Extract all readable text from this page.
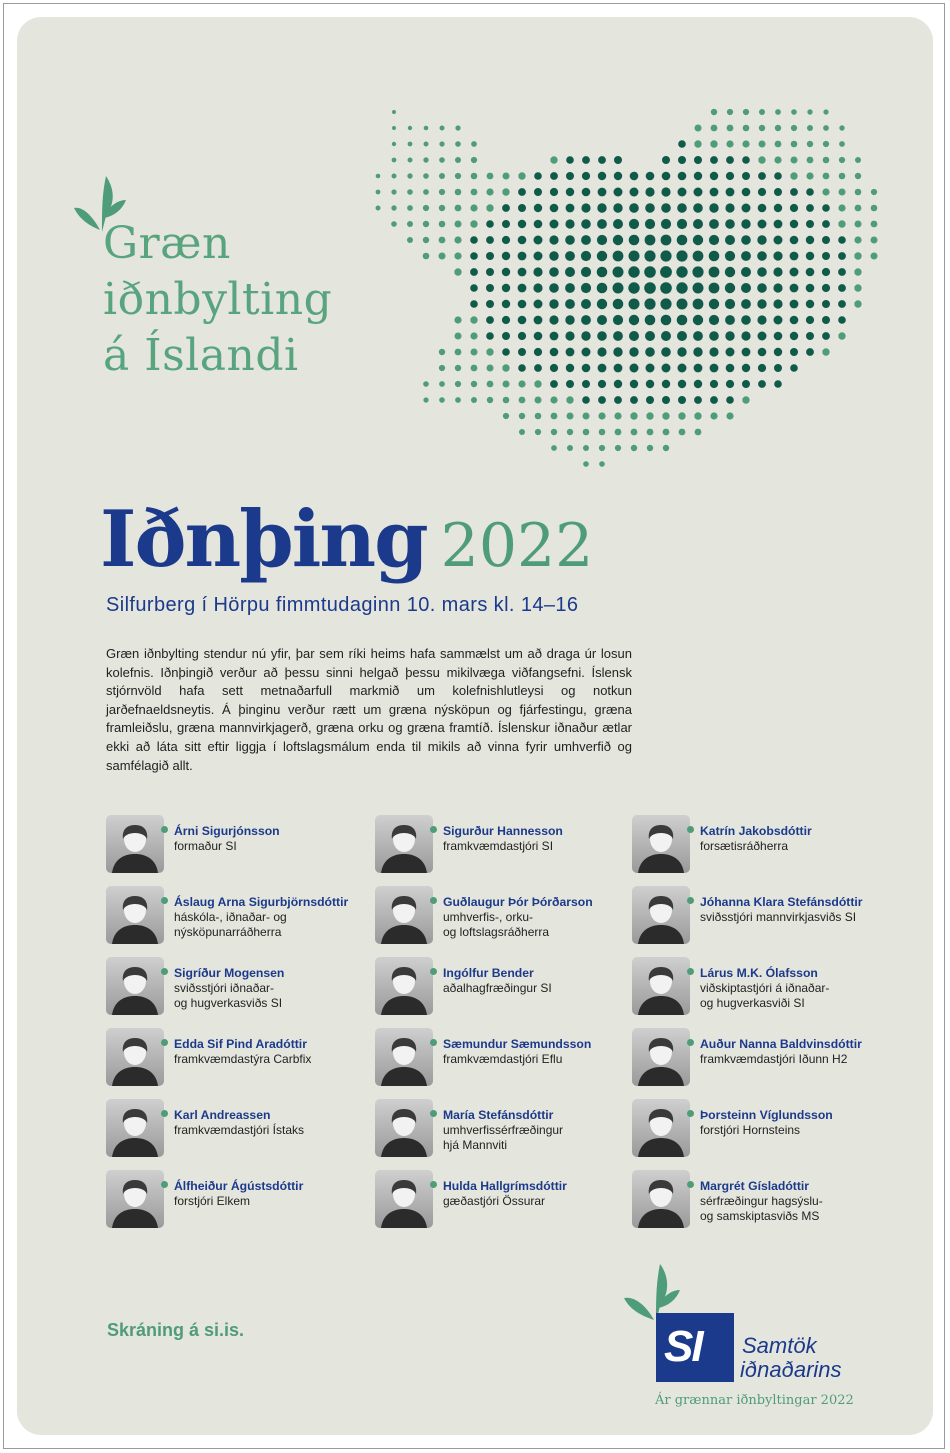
Græn
iðnbylting
á Íslandi
Iðnþing 2022
Silfurberg í Hörpu fimmtudaginn 10. mars kl. 14–16
Græn iðnbylting stendur nú yfir, þar sem ríki heims hafa sammælst um að draga úr losun kolefnis. Iðnþingið verður að þessu sinni helgað þessu mikilvæga viðfangsefni. Íslensk stjórnvöld hafa sett metnaðarfull markmið um kolefnishlutleysi og notkun jarðefnaeldsneytis. Á þinginu verður rætt um græna nýsköpun og fjárfestingu, græna framleiðslu, græna mannvirkjagerð, græna orku og græna framtíð. Íslenskur iðnaður ætlar ekki að láta sitt eftir liggja í loftslagsmálum enda til mikils að vinna fyrir umhverfið og samfélagið allt.
Árni Sigurjónsson
formaður SI
Áslaug Arna Sigurbjörnsdóttir
háskóla-, iðnaðar- og
nýsköpunarráðherra
Sigríður Mogensen
sviðsstjóri iðnaðar-
og hugverkasviðs SI
Edda Sif Pind Aradóttir
framkvæmdastýra Carbfix
Karl Andreassen
framkvæmdastjóri Ístaks
Álfheiður Ágústsdóttir
forstjóri Elkem
Sigurður Hannesson
framkvæmdastjóri SI
Guðlaugur Þór Þórðarson
umhverfis-, orku-
og loftslagsráðherra
Ingólfur Bender
aðalhagfræðingur SI
Sæmundur Sæmundsson
framkvæmdastjóri Eflu
María Stefánsdóttir
umhverfissérfræðingur
hjá Mannviti
Hulda Hallgrímsdóttir
gæðastjóri Össurar
Katrín Jakobsdóttir
forsætisráðherra
Jóhanna Klara Stefánsdóttir
sviðsstjóri mannvirkjasviðs SI
Lárus M.K. Ólafsson
viðskiptastjóri á iðnaðar-
og hugverkasviði SI
Auður Nanna Baldvinsdóttir
framkvæmdastjóri Iðunn H2
Þorsteinn Víglundsson
forstjóri Hornsteins
Margrét Gísladóttir
sérfræðingur hagsýslu-
og samskiptasviðs MS
Skráning á si.is.	SI Samtök
iðnaðarins
Ár grænnar iðnbyltingar 2022
